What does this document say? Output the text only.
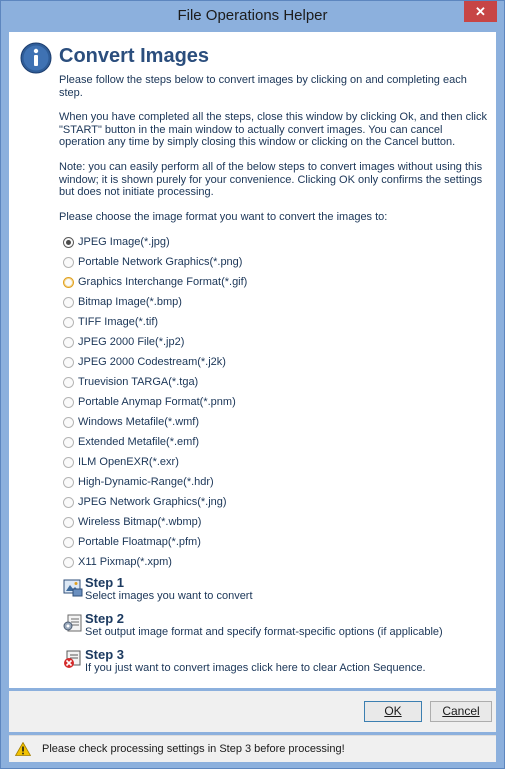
File Operations Helper	✕
Convert Images

Please follow the steps below to convert images by clicking on and completing each step.

When you have completed all the steps, close this window by clicking Ok, and then click "START" button in the main window to actually convert images. You can cancel operation any time by simply closing this window or clicking on the Cancel button.

Note: you can easily perform all of the below steps to convert images without using this window; it is shown purely for your convenience. Clicking OK only confirms the settings but does not initiate processing.

Please choose the image format you want to convert the images to:

JPEG Image(*.jpg)
Portable Network Graphics(*.png)
Graphics Interchange Format(*.gif)
Bitmap Image(*.bmp)
TIFF Image(*.tif)
JPEG 2000 File(*.jp2)
JPEG 2000 Codestream(*.j2k)
Truevision TARGA(*.tga)
Portable Anymap Format(*.pnm)
Windows Metafile(*.wmf)
Extended Metafile(*.emf)
ILM OpenEXR(*.exr)
High-Dynamic-Range(*.hdr)
JPEG Network Graphics(*.jng)
Wireless Bitmap(*.wbmp)
Portable Floatmap(*.pfm)
X11 Pixmap(*.xpm)
Step 1
Select images you want to convert
Step 2
Set output image format and specify format-specific options (if applicable)
Step 3
If you just want to convert images click here to clear Action Sequence.
OK	Cancel
Please check processing settings in Step 3 before processing!
